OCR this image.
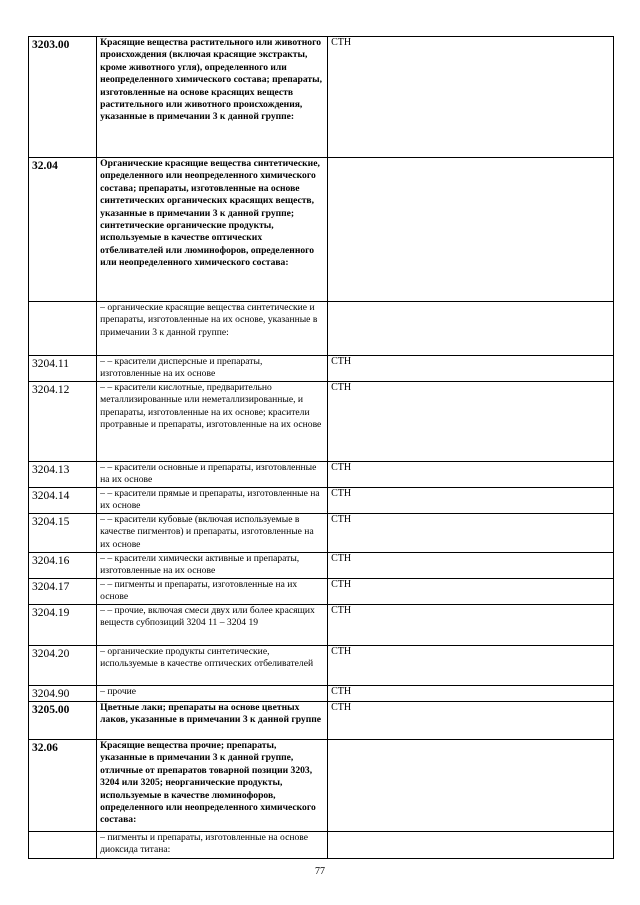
3203.00	Красящие вещества растительного или животного происхождения (включая красящие экстракты, кроме животного угля), определенного или неопределенного химического состава; препараты, изготовленные на основе красящих веществ растительного или животного происхождения, указанные в примечании 3 к данной группе:	СТН
32.04	Органические красящие вещества синтетические, определенного или неопределенного химического состава; препараты, изготовленные на основе синтетических органических красящих веществ, указанные в примечании 3 к данной группе; синтетические органические продукты, используемые в качестве оптических отбеливателей или люминофоров, определенного или неопределенного химического состава:	
	– органические красящие вещества синтетические и препараты, изготовленные на их основе, указанные в примечании 3 к данной группе:	
3204.11	– – красители дисперсные и препараты, изготовленные на их основе	СТН
3204.12	– – красители кислотные, предварительно металлизированные или неметаллизированные, и препараты, изготовленные на их основе; красители протравные и препараты, изготовленные на их основе	СТН
3204.13	– – красители основные и препараты, изготовленные на их основе	СТН
3204.14	– – красители прямые и препараты, изготовленные на их основе	СТН
3204.15	– – красители кубовые (включая используемые в качестве пигментов) и препараты, изготовленные на их основе	СТН
3204.16	– – красители химически активные и препараты, изготовленные на их основе	СТН
3204.17	– – пигменты и препараты, изготовленные на их основе	СТН
3204.19	– – прочие, включая смеси двух или более красящих веществ субпозиций 3204 11 – 3204 19	СТН
3204.20	– органические продукты синтетические, используемые в качестве оптических отбеливателей	СТН
3204.90	– прочие	СТН
3205.00	Цветные лаки; препараты на основе цветных лаков, указанные в примечании 3 к данной группе	СТН
32.06	Красящие вещества прочие; препараты, указанные в примечании 3 к данной группе, отличные от препаратов товарной позиции 3203, 3204 или 3205; неорганические продукты, используемые в качестве люминофоров, определенного или неопределенного химического состава:	
	– пигменты и препараты, изготовленные на основе диоксида титана:	
77
